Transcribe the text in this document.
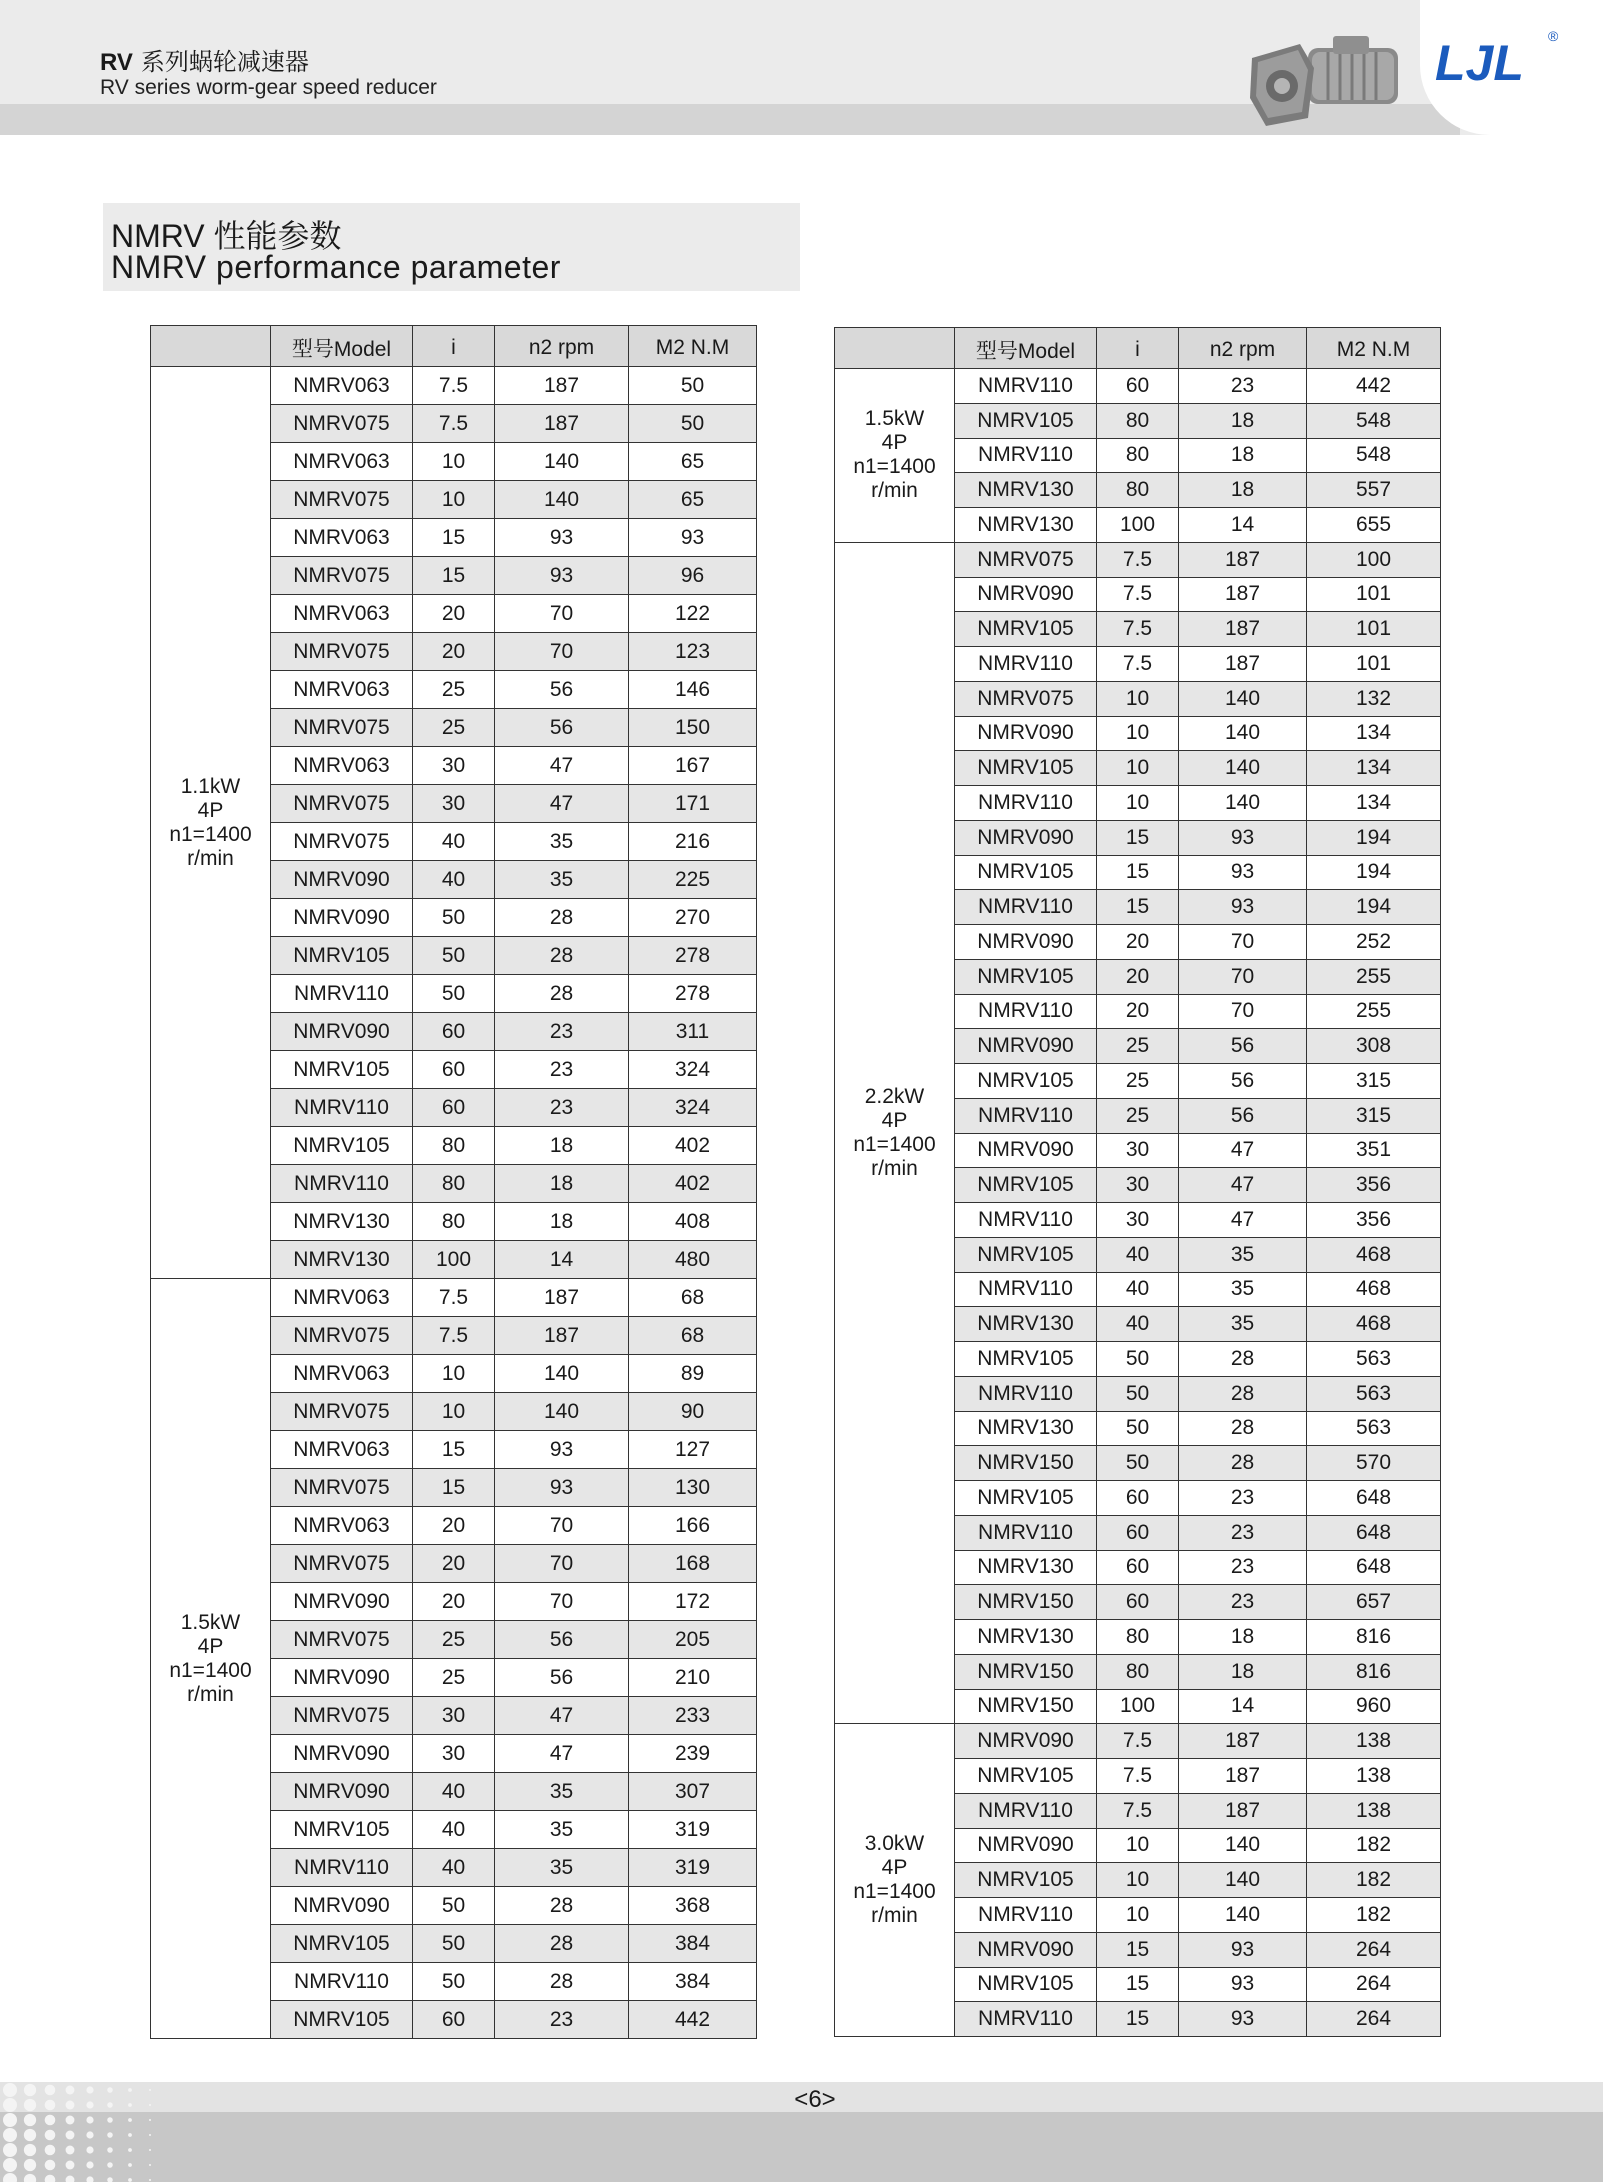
RV 系列蜗轮减速器
RV series worm-gear speed reducer	LJL ®
NMRV 性能参数
NMRV performance parameter
	型号Model	i	n2 rpm	M2 N.M

1.1kW
4P
n1=1400
r/min	NMRV063	7.5	187	50
	NMRV075	7.5	187	50
	NMRV063	10	140	65
	NMRV075	10	140	65
	NMRV063	15	93	93
	NMRV075	15	93	96
	NMRV063	20	70	122
	NMRV075	20	70	123
	NMRV063	25	56	146
	NMRV075	25	56	150
	NMRV063	30	47	167
	NMRV075	30	47	171
	NMRV075	40	35	216
	NMRV090	40	35	225
	NMRV090	50	28	270
	NMRV105	50	28	278
	NMRV110	50	28	278
	NMRV090	60	23	311
	NMRV105	60	23	324
	NMRV110	60	23	324
	NMRV105	80	18	402
	NMRV110	80	18	402
	NMRV130	80	18	408
	NMRV130	100	14	480

1.5kW
4P
n1=1400
r/min	NMRV063	7.5	187	68
	NMRV075	7.5	187	68
	NMRV063	10	140	89
	NMRV075	10	140	90
	NMRV063	15	93	127
	NMRV075	15	93	130
	NMRV063	20	70	166
	NMRV075	20	70	168
	NMRV090	20	70	172
	NMRV075	25	56	205
	NMRV090	25	56	210
	NMRV075	30	47	233
	NMRV090	30	47	239
	NMRV090	40	35	307
	NMRV105	40	35	319
	NMRV110	40	35	319
	NMRV090	50	28	368
	NMRV105	50	28	384
	NMRV110	50	28	384
	NMRV105	60	23	442
	型号Model	i	n2 rpm	M2 N.M

1.5kW
4P
n1=1400
r/min	NMRV110	60	23	442
	NMRV105	80	18	548
	NMRV110	80	18	548
	NMRV130	80	18	557
	NMRV130	100	14	655

2.2kW
4P
n1=1400
r/min	NMRV075	7.5	187	100
	NMRV090	7.5	187	101
	NMRV105	7.5	187	101
	NMRV110	7.5	187	101
	NMRV075	10	140	132
	NMRV090	10	140	134
	NMRV105	10	140	134
	NMRV110	10	140	134
	NMRV090	15	93	194
	NMRV105	15	93	194
	NMRV110	15	93	194
	NMRV090	20	70	252
	NMRV105	20	70	255
	NMRV110	20	70	255
	NMRV090	25	56	308
	NMRV105	25	56	315
	NMRV110	25	56	315
	NMRV090	30	47	351
	NMRV105	30	47	356
	NMRV110	30	47	356
	NMRV105	40	35	468
	NMRV110	40	35	468
	NMRV130	40	35	468
	NMRV105	50	28	563
	NMRV110	50	28	563
	NMRV130	50	28	563
	NMRV150	50	28	570
	NMRV105	60	23	648
	NMRV110	60	23	648
	NMRV130	60	23	648
	NMRV150	60	23	657
	NMRV130	80	18	816
	NMRV150	80	18	816
	NMRV150	100	14	960

3.0kW
4P
n1=1400
r/min	NMRV090	7.5	187	138
	NMRV105	7.5	187	138
	NMRV110	7.5	187	138
	NMRV090	10	140	182
	NMRV105	10	140	182
	NMRV110	10	140	182
	NMRV090	15	93	264
	NMRV105	15	93	264
	NMRV110	15	93	264
<6>
